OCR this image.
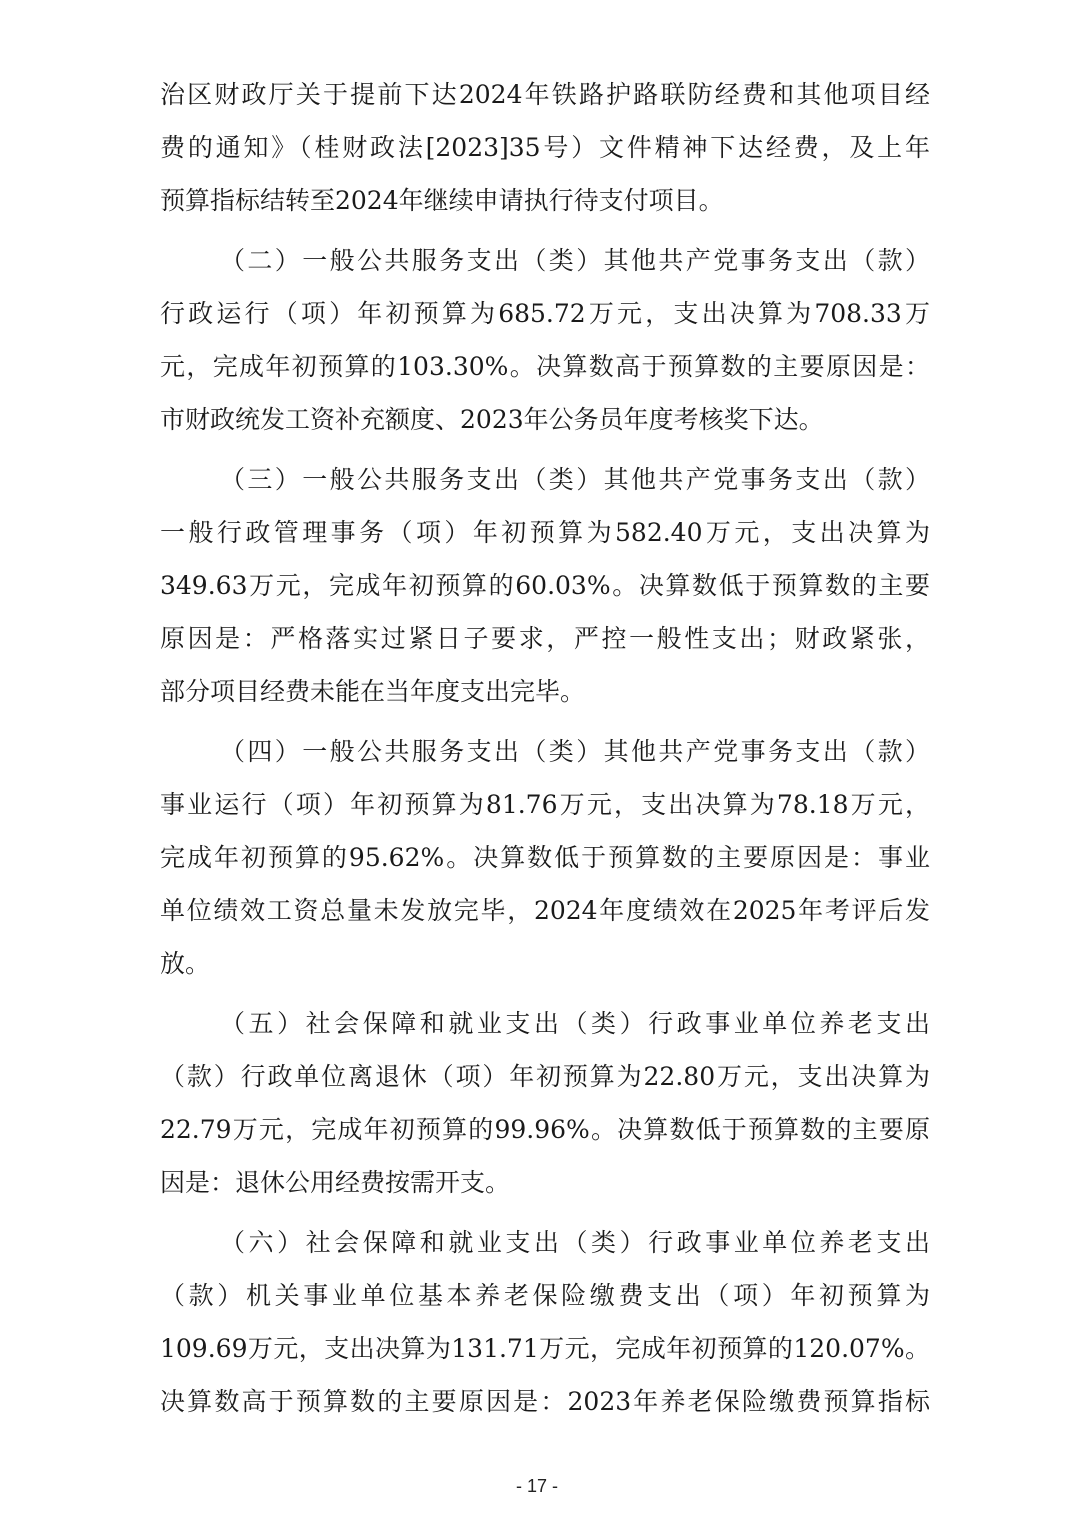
治区财政厅关于提前下达2024年铁路护路联防经费和其他项目经
费的通知》（桂财政法[2023]35号）文件精神下达经费，及上年
预算指标结转至2024年继续申请执行待支付项目。
（二）一般公共服务支出（类）其他共产党事务支出（款）
行政运行（项）年初预算为685.72万元，支出决算为708.33万
元，完成年初预算的103.30%。决算数高于预算数的主要原因是：
市财政统发工资补充额度、2023年公务员年度考核奖下达。
（三）一般公共服务支出（类）其他共产党事务支出（款）
一般行政管理事务（项）年初预算为582.40万元，支出决算为
349.63万元，完成年初预算的60.03%。决算数低于预算数的主要
原因是：严格落实过紧日子要求，严控一般性支出；财政紧张，
部分项目经费未能在当年度支出完毕。
（四）一般公共服务支出（类）其他共产党事务支出（款）
事业运行（项）年初预算为81.76万元，支出决算为78.18万元，
完成年初预算的95.62%。决算数低于预算数的主要原因是：事业
单位绩效工资总量未发放完毕，2024年度绩效在2025年考评后发
放。
（五）社会保障和就业支出（类）行政事业单位养老支出
（款）行政单位离退休（项）年初预算为22.80万元，支出决算为
22.79万元，完成年初预算的99.96%。决算数低于预算数的主要原
因是：退休公用经费按需开支。
（六）社会保障和就业支出（类）行政事业单位养老支出
（款）机关事业单位基本养老保险缴费支出（项）年初预算为
109.69万元，支出决算为131.71万元，完成年初预算的120.07%。
决算数高于预算数的主要原因是：2023年养老保险缴费预算指标
- 17 -
